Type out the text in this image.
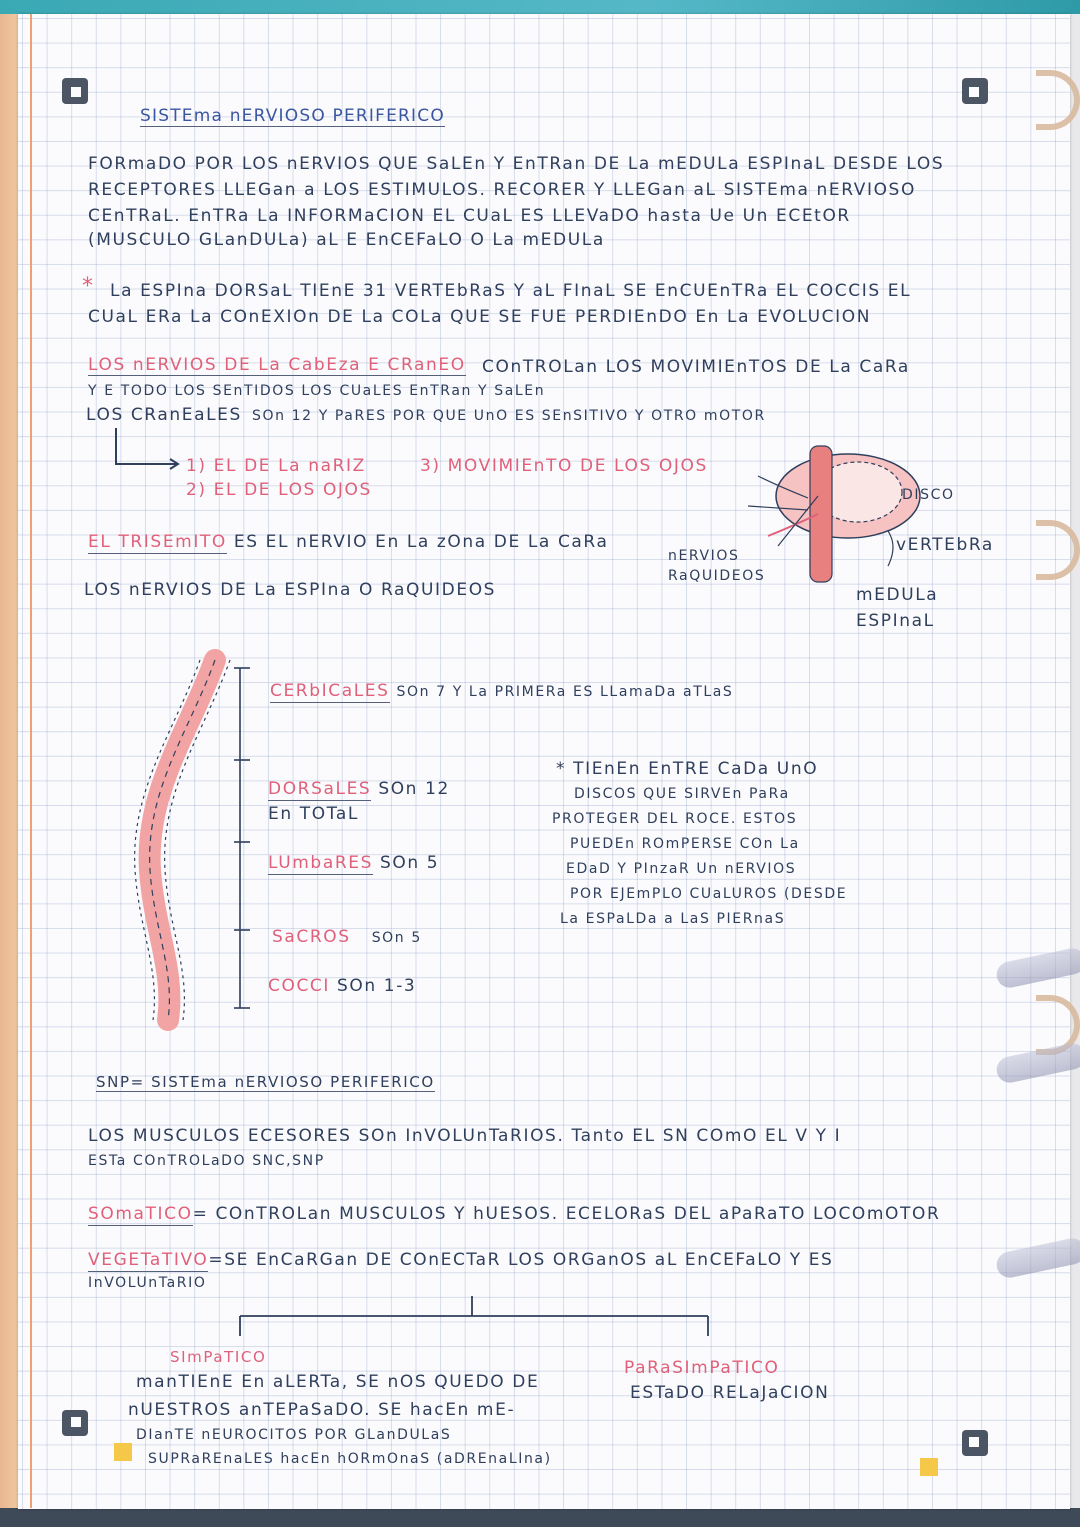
SISTEma nERVIOSO PERIFERICO
FORmaDO POR LOS nERVIOS QUE SaLEn Y EnTRan DE La mEDULa ESPInaL DESDE LOS
RECEPTORES LLEGan a LOS ESTIMULOS. RECORER Y LLEGan aL SISTEma nERVIOSO
CEnTRaL. EnTRa La INFORMaCION EL CUaL ES LLEVaDO hasta Ue Un ECEtOR
(MUSCULO GLanDULa) aL E EnCEFaLO O La mEDULa
* La ESPIna DORSaL TIEnE 31 VERTEbRaS Y aL FInaL SE EnCUEnTRa EL COCCIS EL
CUaL ERa La COnEXIOn DE La COLa QUE SE FUE PERDIEnDO En La EVOLUCION
LOS nERVIOS DE La CabEza E CRanEO COnTROLan LOS MOVIMIEnTOS DE La CaRa
Y E TODO LOS SEnTIDOS LOS CUaLES EnTRan Y SaLEn
LOS CRanEaLES SOn 12 Y PaRES POR QUE UnO ES SEnSITIVO Y OTRO mOTOR
1) EL DE La naRIZ
2) EL DE LOS OJOS
3) MOVIMIEnTO DE LOS OJOS
DISCO
vERTEbRa
nERVIOS
RaQUIDEOS
mEDULa
ESPInaL
EL TRISEmITO ES EL nERVIO En La zOna DE La CaRa
LOS nERVIOS DE La ESPIna O RaQUIDEOS
CERbICaLES SOn 7 Y La PRIMERa ES LLamaDa aTLaS
DORSaLES SOn 12
En TOTaL
LUmbaRES SOn 5
SaCROS SOn 5
COCCI SOn 1-3
* TIEnEn EnTRE CaDa UnO
DISCOS QUE SIRVEn PaRa
PROTEGER DEL ROCE. ESTOS
PUEDEn ROmPERSE COn La
EDaD Y PInzaR Un nERVIOS
POR EJEmPLO CUaLUROS (DESDE
La ESPaLDa a LaS PIERnaS
SNP= SISTEma nERVIOSO PERIFERICO
LOS MUSCULOS ECESORES SOn InVOLUnTaRIOS. Tanto EL SN COmO EL V Y I
ESTa COnTROLaDO SNC,SNP
SOmaTICO= COnTROLan MUSCULOS Y hUESOS. ECELORaS DEL aPaRaTO LOCOmOTOR
VEGETaTIVO=SE EnCaRGan DE COnECTaR LOS ORGanOS aL EnCEFaLO Y ES
InVOLUnTaRIO
SImPaTICO
manTIEnE En aLERTa, SE nOS QUEDO DE
nUESTROS anTEPaSaDO. SE hacEn mE-
DIanTE nEUROCITOS POR GLanDULaS
SUPRaREnaLES hacEn hORmOnaS (aDREnaLIna)
PaRaSImPaTICO
ESTaDO RELaJaCION
